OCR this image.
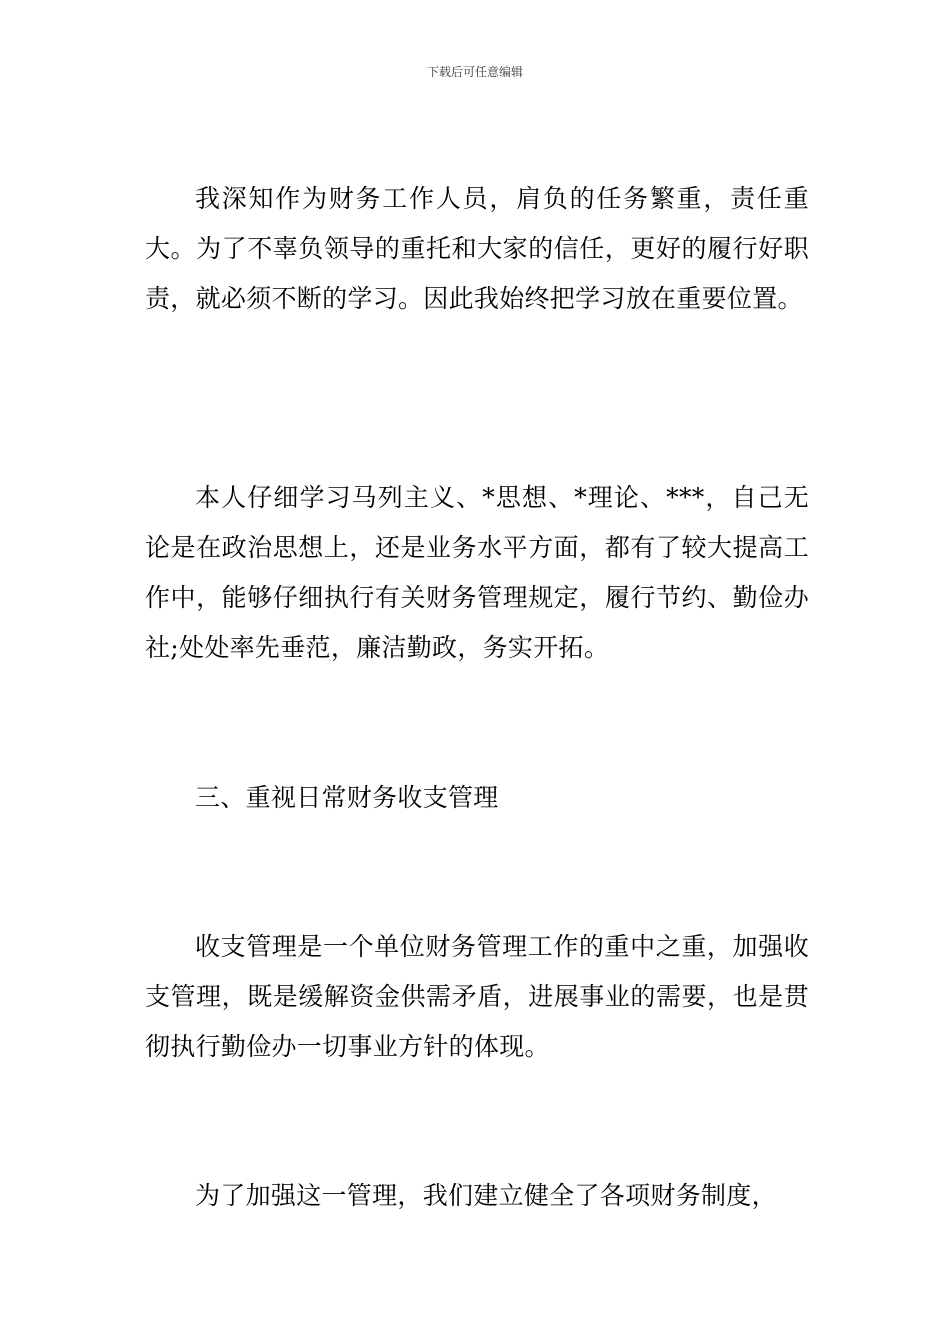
下载后可任意编辑

我深知作为财务工作人员，肩负的任务繁重，责任重大。为了不辜负领导的重托和大家的信任，更好的履行好职责，就必须不断的学习。因此我始终把学习放在重要位置。

本人仔细学习马列主义、*思想、*理论、***，自己无论是在政治思想上，还是业务水平方面，都有了较大提高工作中，能够仔细执行有关财务管理规定，履行节约、勤俭办社;处处率先垂范，廉洁勤政，务实开拓。

三、重视日常财务收支管理

收支管理是一个单位财务管理工作的重中之重，加强收支管理，既是缓解资金供需矛盾，进展事业的需要，也是贯彻执行勤俭办一切事业方针的体现。

为了加强这一管理，我们建立健全了各项财务制度，
